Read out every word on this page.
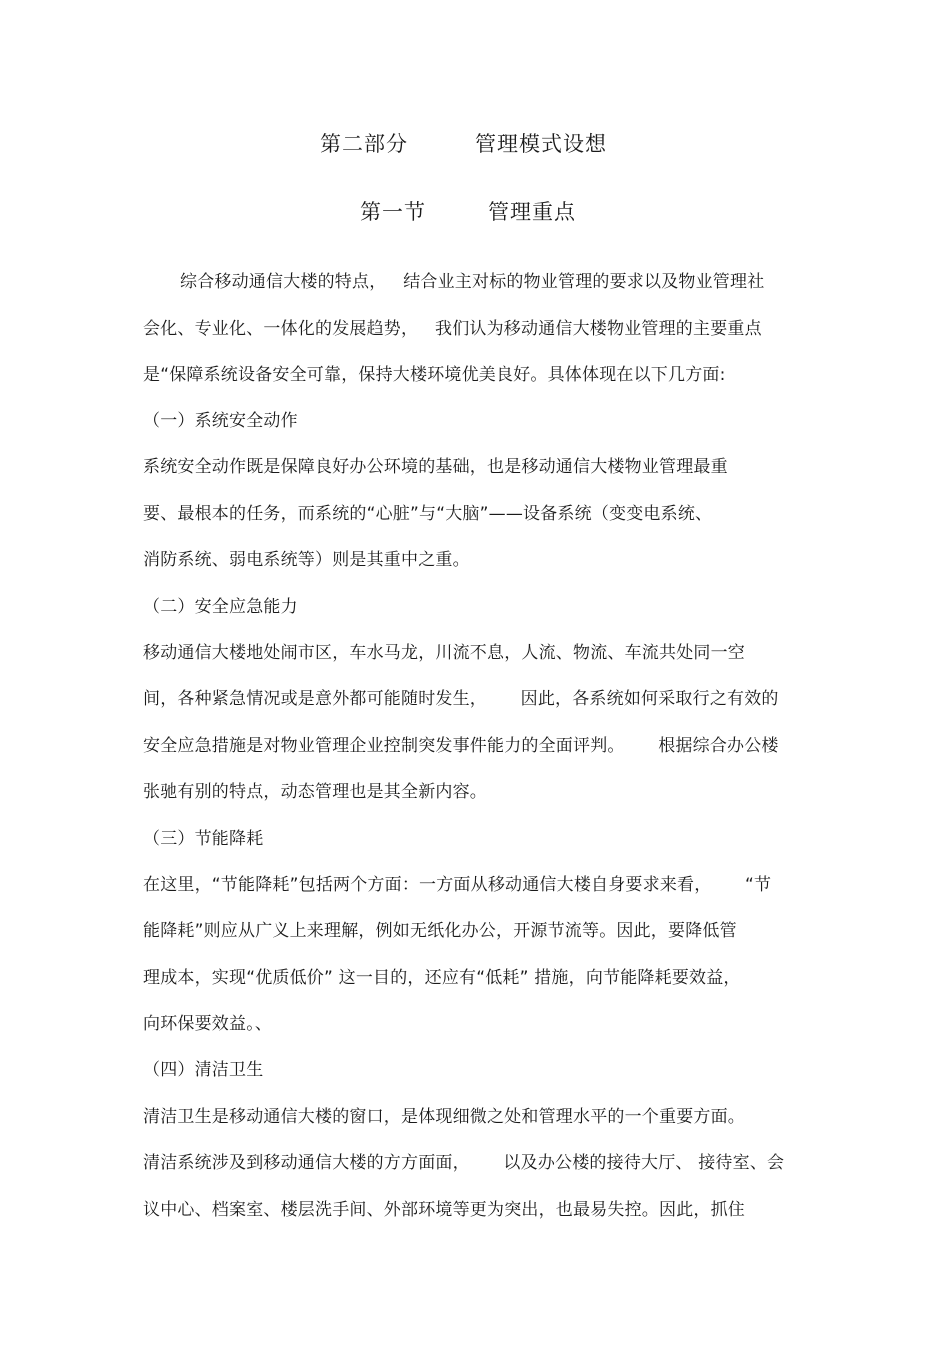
第二部分	管理模式设想
第一节	管理重点
综合移动通信大楼的特点，   结合业主对标的物业管理的要求以及物业管理社
会化、专业化、一体化的发展趋势，   我们认为移动通信大楼物业管理的主要重点
是“保障系统设备安全可靠，保持大楼环境优美良好。具体体现在以下几方面:
（一）系统安全动作
系统安全动作既是保障良好办公环境的基础，也是移动通信大楼物业管理最重
要、最根本的任务，而系统的“心脏”与“大脑”——设备系统（变变电系统、
消防系统、弱电系统等）则是其重中之重。
（二）安全应急能力
移动通信大楼地处闹市区，车水马龙，川流不息，人流、物流、车流共处同一空
间，各种紧急情况或是意外都可能随时发生，      因此，各系统如何采取行之有效的
安全应急措施是对物业管理企业控制突发事件能力的全面评判。      根据综合办公楼
张驰有别的特点，动态管理也是其全新内容。
（三）节能降耗
在这里，“节能降耗”包括两个方面：一方面从移动通信大楼自身要求来看，      “节
能降耗”则应从广义上来理解，例如无纸化办公，开源节流等。因此，要降低管
理成本，实现“优质低价” 这一目的，还应有“低耗” 措施，向节能降耗要效益，
向环保要效益。、
（四）清洁卫生
清洁卫生是移动通信大楼的窗口，是体现细微之处和管理水平的一个重要方面。
清洁系统涉及到移动通信大楼的方方面面，      以及办公楼的接待大厅、 接待室、会
议中心、档案室、楼层洗手间、外部环境等更为突出，也最易失控。因此，抓住
